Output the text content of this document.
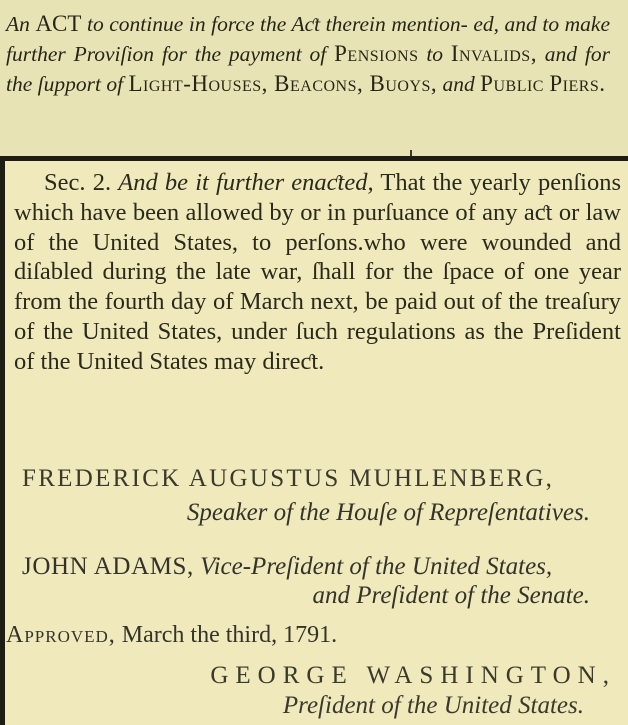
An ACT to continue in force the Aƈt therein mention- ed, and to make further Proviſion for the payment of Pensions to Invalids, and for the ſupport of Light-Houses, Beacons, Buoys, and Public Piers.
Sec. 2. And be it further enaƈted, That the yearly penſions which have been allowed by or in purſuance of any aƈt or law of the United States, to perſons.who were wounded and diſabled during the late war, ſhall for the ſpace of one year from the fourth day of March next, be paid out of the treaſury of the United States, under ſuch regulations as the Preſident of the United States may direƈt.
FREDERICK AUGUSTUS MUHLENBERG,
Speaker of the Houſe of Repreſentatives.
JOHN ADAMS, Vice-Preſident of the United States,
and Preſident of the Senate.
Approved, March the third, 1791.
GEORGE WASHINGTON,
Preſident of the United States.
